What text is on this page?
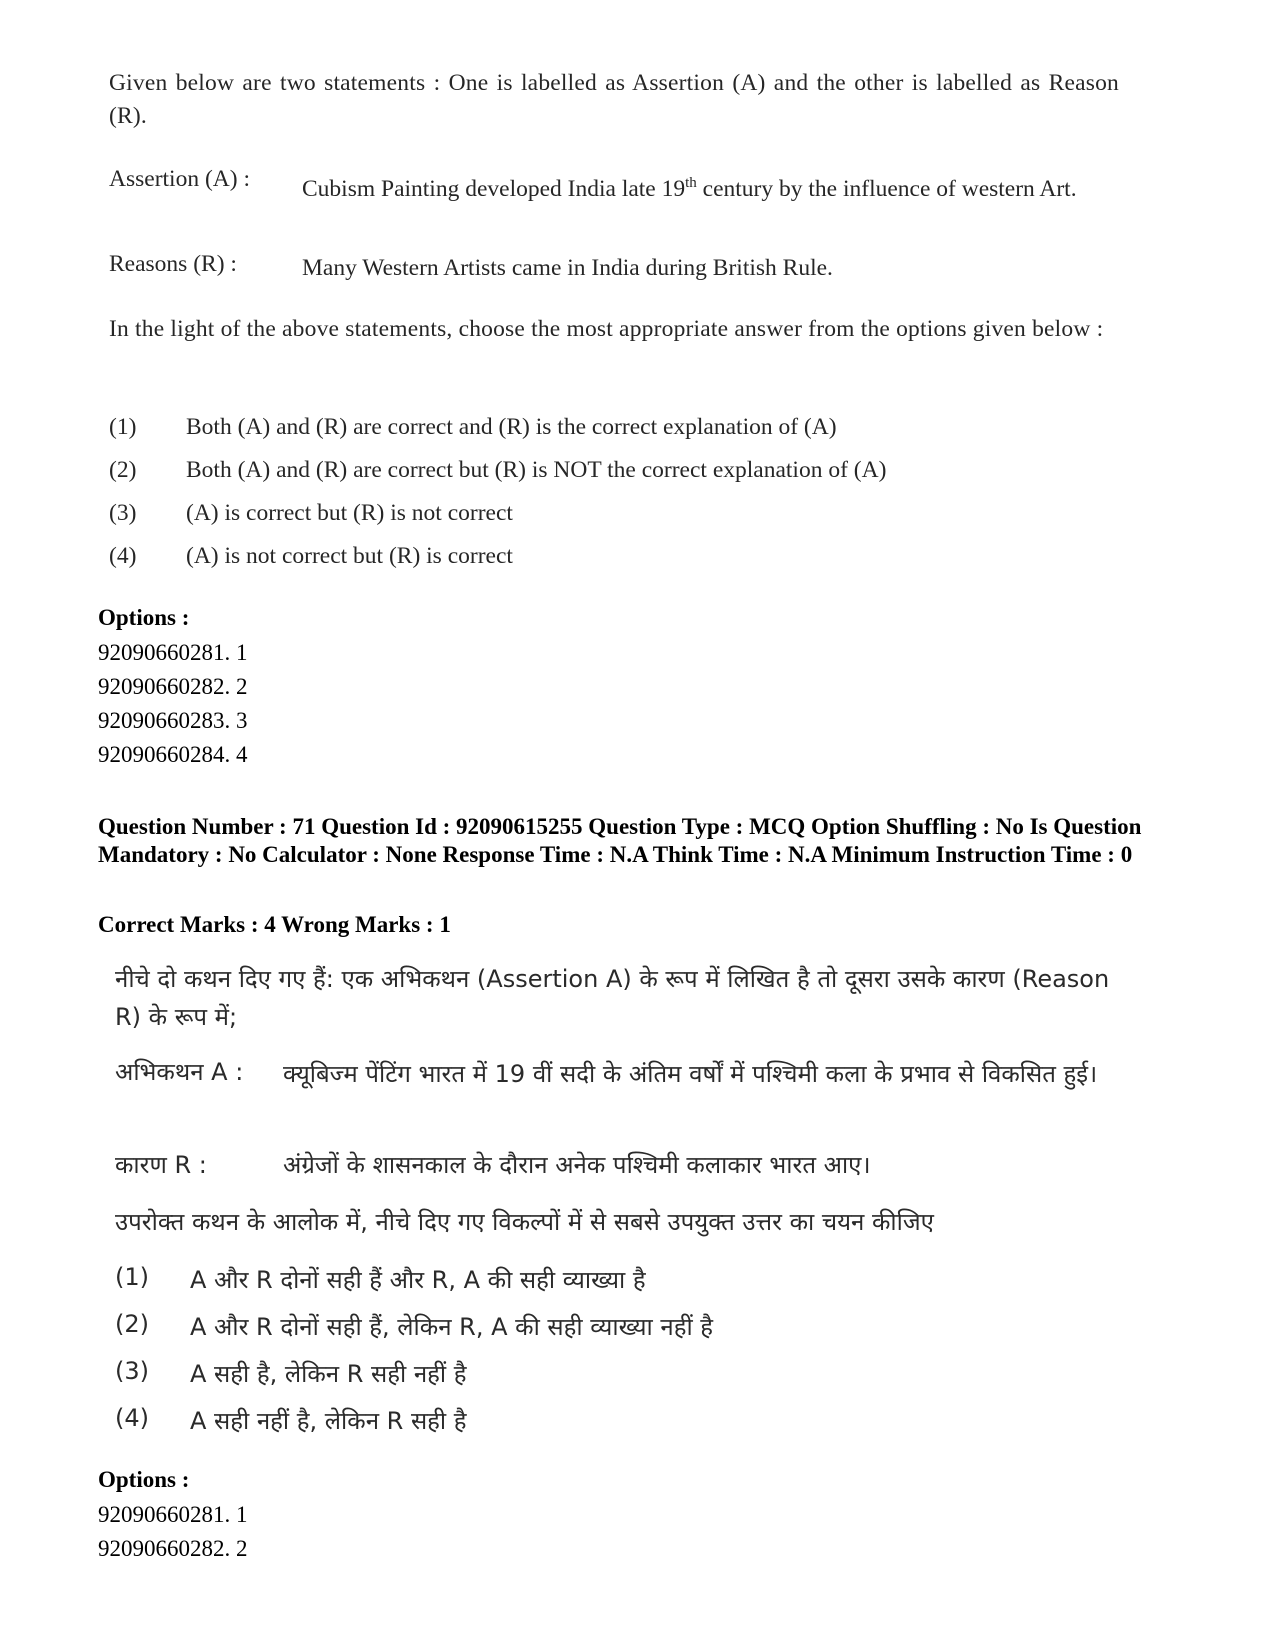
Given below are two statements : One is labelled as Assertion (A) and the other is labelled as Reason (R).
Assertion (A) : Cubism Painting developed India late 19th century by the influence of western Art.
Reasons (R) :	Many Western Artists came in India during British Rule.
In the light of the above statements, choose the most appropriate answer from the options given below :
(1) Both (A) and (R) are correct and (R) is the correct explanation of (A)
(2) Both (A) and (R) are correct but (R) is NOT the correct explanation of (A)
(3) (A) is correct but (R) is not correct
(4) (A) is not correct but (R) is correct
Options :
92090660281. 1
92090660282. 2
92090660283. 3
92090660284. 4
Question Number : 71 Question Id : 92090615255 Question Type : MCQ Option Shuffling : No Is Question Mandatory : No Calculator : None Response Time : N.A Think Time : N.A Minimum Instruction Time : 0
Correct Marks : 4 Wrong Marks : 1
नीचे दो कथन दिए गए हैं: एक अभिकथन (Assertion A) के रूप में लिखित है तो दूसरा उसके कारण (Reason R) के रूप में;
अभिकथन A : क्यूबिज्म पेंटिंग भारत में 19 वीं सदी के अंतिम वर्षों में पश्चिमी कला के प्रभाव से विकसित हुई।
कारण R :	अंग्रेजों के शासनकाल के दौरान अनेक पश्चिमी कलाकार भारत आए।
उपरोक्त कथन के आलोक में, नीचे दिए गए विकल्पों में से सबसे उपयुक्त उत्तर का चयन कीजिए
(1) A और R दोनों सही हैं और R, A की सही व्याख्या है
(2) A और R दोनों सही हैं, लेकिन R, A की सही व्याख्या नहीं है
(3) A सही है, लेकिन R सही नहीं है
(4) A सही नहीं है, लेकिन R सही है
Options :
92090660281. 1
92090660282. 2
